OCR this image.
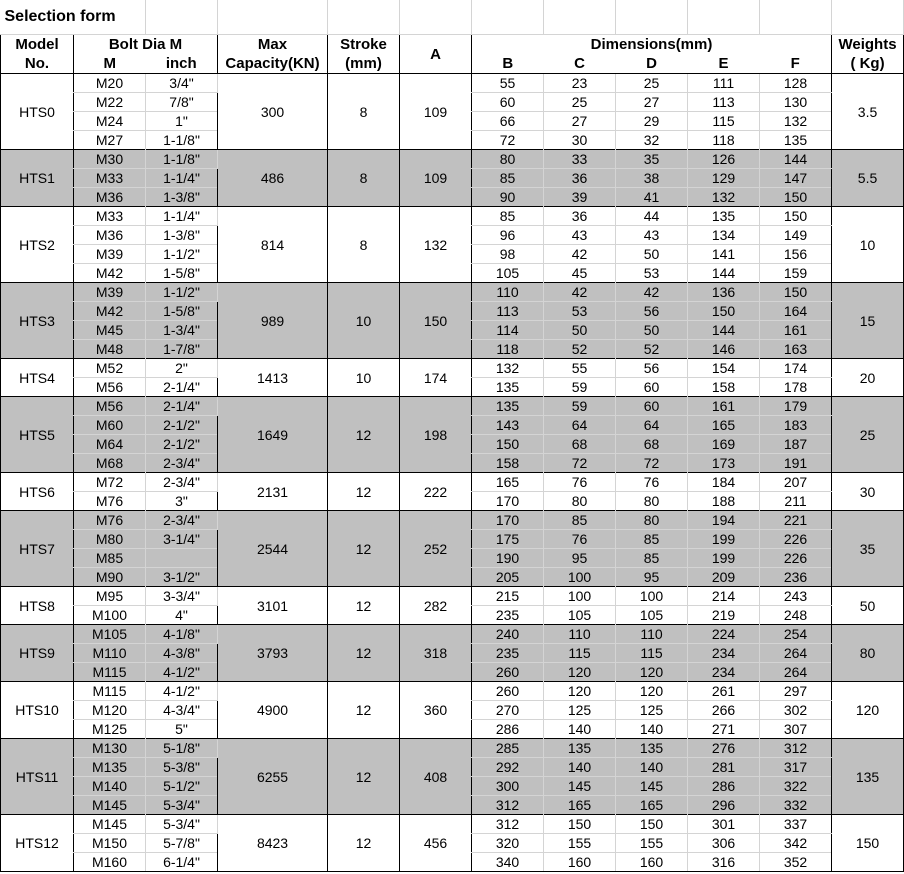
Selection form												
Model	Bolt Dia M		Max	Stroke	A	Dimensions(mm)					Weights	
No.	M	inch	Capacity(KN)	(mm)		B	C	D	E	F	( Kg)	
HTS0	M20	3/4"	300	8	109	55	23	25	111	128	3.5	
	M22	7/8"				60	25	27	113	130		
	M24	1"				66	27	29	115	132		
	M27	1-1/8"				72	30	32	118	135		
HTS1	M30	1-1/8"	486	8	109	80	33	35	126	144	5.5	
	M33	1-1/4"				85	36	38	129	147		
	M36	1-3/8"				90	39	41	132	150		
HTS2	M33	1-1/4"	814	8	132	85	36	44	135	150	10	
	M36	1-3/8"				96	43	43	134	149		
	M39	1-1/2"				98	42	50	141	156		
	M42	1-5/8"				105	45	53	144	159		
HTS3	M39	1-1/2"	989	10	150	110	42	42	136	150	15	
	M42	1-5/8"				113	53	56	150	164		
	M45	1-3/4"				114	50	50	144	161		
	M48	1-7/8"				118	52	52	146	163		
HTS4	M52	2"	1413	10	174	132	55	56	154	174	20	
	M56	2-1/4"				135	59	60	158	178		
HTS5	M56	2-1/4"	1649	12	198	135	59	60	161	179	25	
	M60	2-1/2"				143	64	64	165	183		
	M64	2-1/2"				150	68	68	169	187		
	M68	2-3/4"				158	72	72	173	191		
HTS6	M72	2-3/4"	2131	12	222	165	76	76	184	207	30	
	M76	3"				170	80	80	188	211		
HTS7	M76	2-3/4"	2544	12	252	170	85	80	194	221	35	
	M80	3-1/4"				175	76	85	199	226		
	M85					190	95	85	199	226		
	M90	3-1/2"				205	100	95	209	236		
HTS8	M95	3-3/4"	3101	12	282	215	100	100	214	243	50	
	M100	4"				235	105	105	219	248		
HTS9	M105	4-1/8"	3793	12	318	240	110	110	224	254	80	
	M110	4-3/8"				235	115	115	234	264		
	M115	4-1/2"				260	120	120	234	264		
HTS10	M115	4-1/2"	4900	12	360	260	120	120	261	297	120	
	M120	4-3/4"				270	125	125	266	302		
	M125	5"				286	140	140	271	307		
HTS11	M130	5-1/8"	6255	12	408	285	135	135	276	312	135	
	M135	5-3/8"				292	140	140	281	317		
	M140	5-1/2"				300	145	145	286	322		
	M145	5-3/4"				312	165	165	296	332		
HTS12	M145	5-3/4"	8423	12	456	312	150	150	301	337	150	
	M150	5-7/8"				320	155	155	306	342		
	M160	6-1/4"				340	160	160	316	352		
